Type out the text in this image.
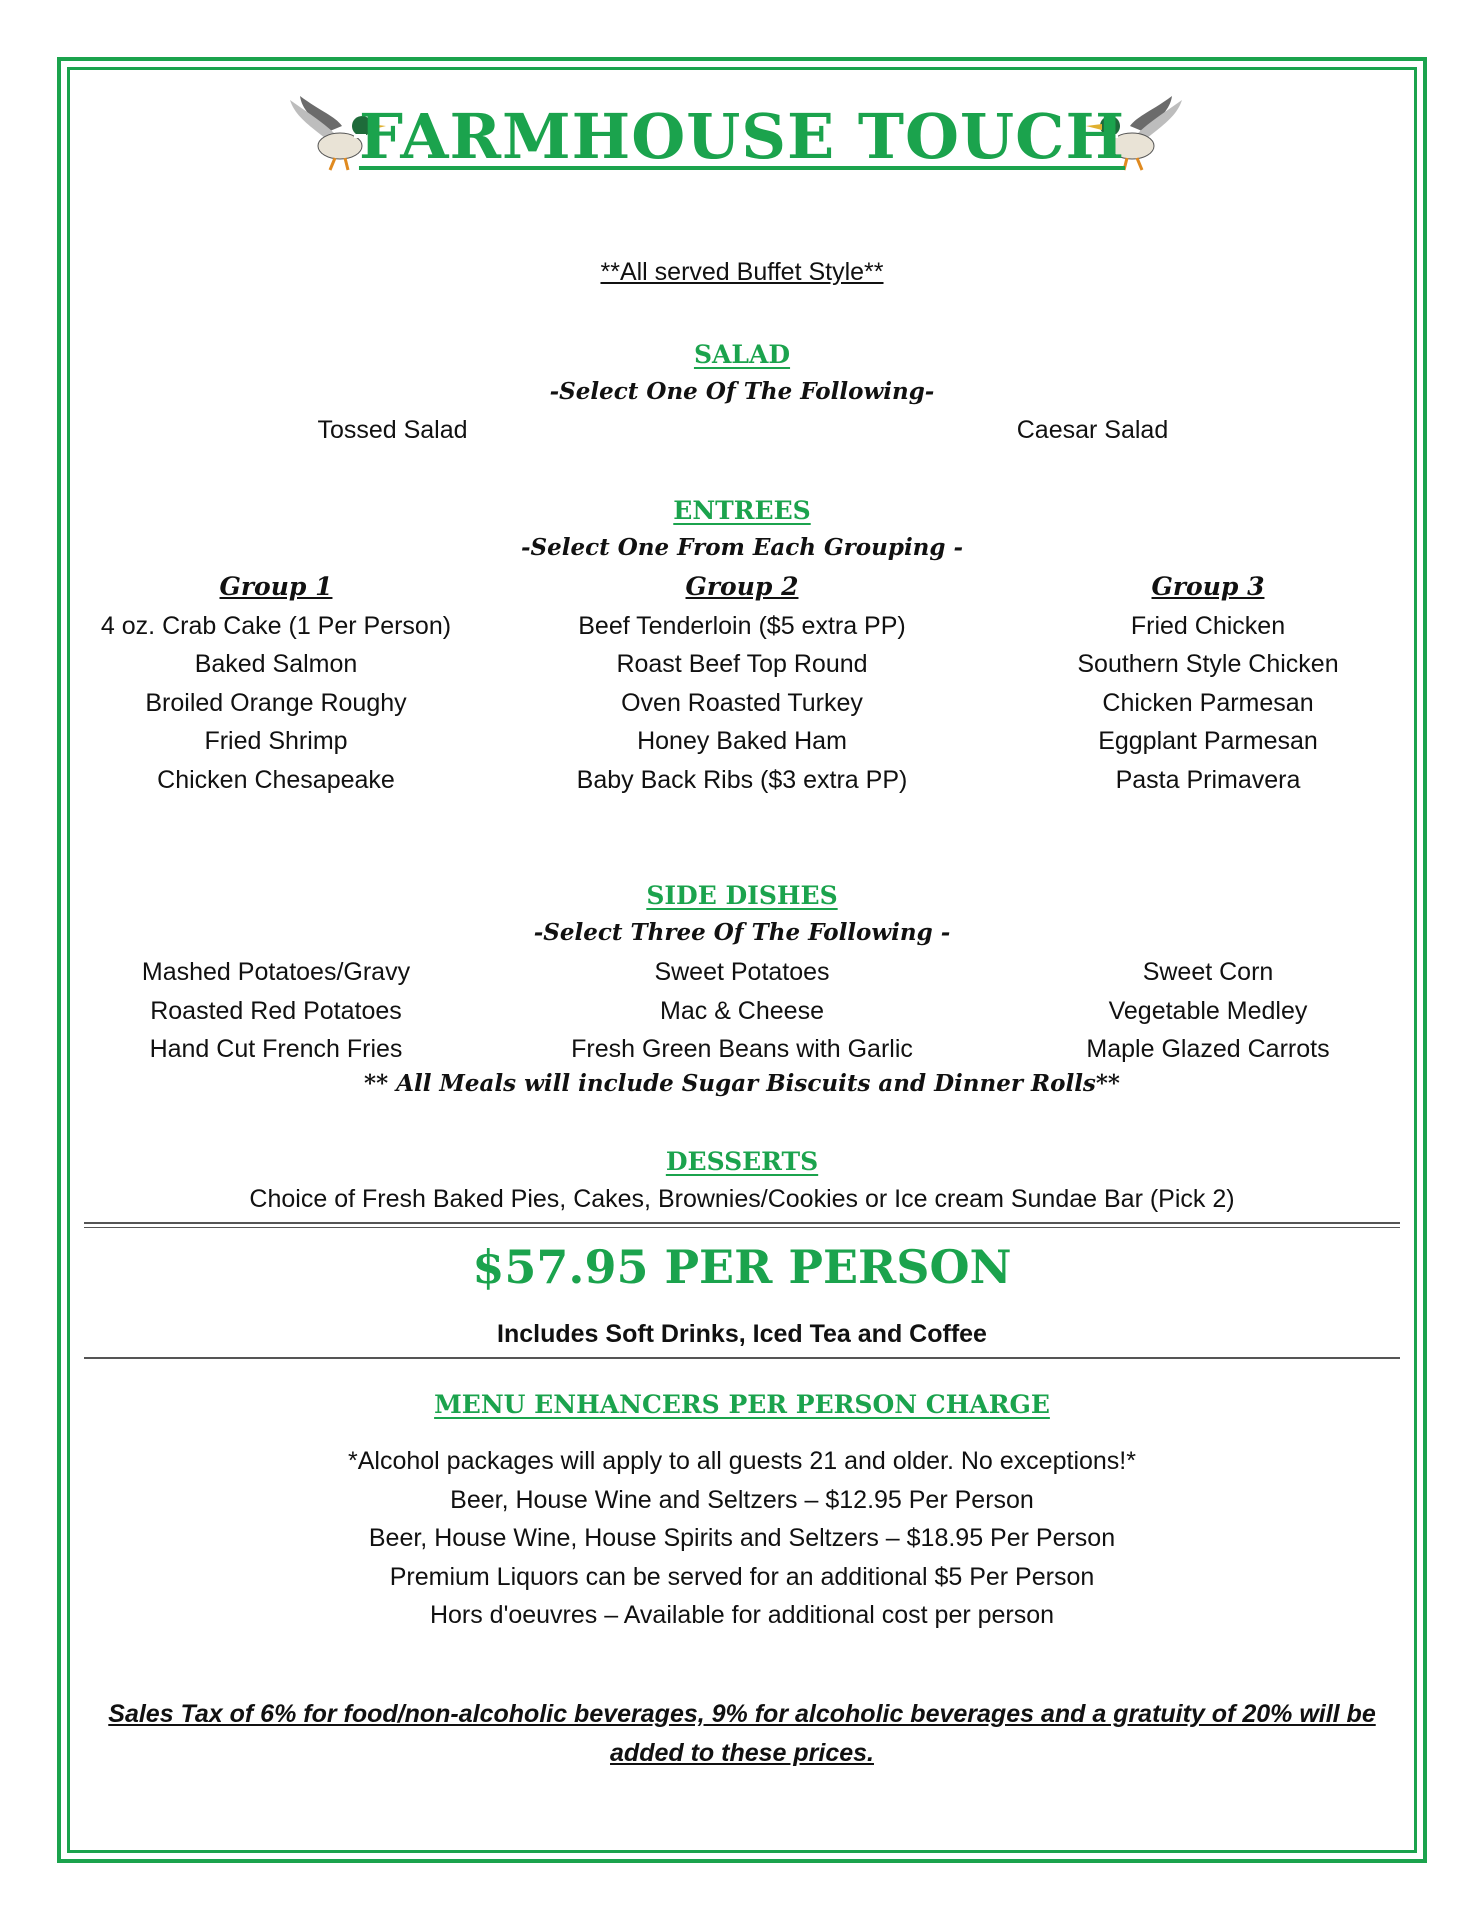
FARMHOUSE TOUCH
**All served Buffet Style**
SALAD
-Select One Of The Following-
Tossed Salad	Caesar Salad
ENTREES
-Select One From Each Grouping -
Group 1
4 oz. Crab Cake (1 Per Person)
Baked Salmon
Broiled Orange Roughy
Fried Shrimp
Chicken Chesapeake
Group 2
Beef Tenderloin ($5 extra PP)
Roast Beef Top Round
Oven Roasted Turkey
Honey Baked Ham
Baby Back Ribs ($3 extra PP)
Group 3
Fried Chicken
Southern Style Chicken
Chicken Parmesan
Eggplant Parmesan
Pasta Primavera
SIDE DISHES
-Select Three Of The Following -
Mashed Potatoes/Gravy
Roasted Red Potatoes
Hand Cut French Fries
Sweet Potatoes
Mac & Cheese
Fresh Green Beans with Garlic
Sweet Corn
Vegetable Medley
Maple Glazed Carrots
** All Meals will include Sugar Biscuits and Dinner Rolls**
DESSERTS
Choice of Fresh Baked Pies, Cakes, Brownies/Cookies or Ice cream Sundae Bar (Pick 2)
$57.95 PER PERSON
Includes Soft Drinks, Iced Tea and Coffee
MENU ENHANCERS PER PERSON CHARGE
*Alcohol packages will apply to all guests 21 and older. No exceptions!*
Beer, House Wine and Seltzers – $12.95 Per Person
Beer, House Wine, House Spirits and Seltzers – $18.95 Per Person
Premium Liquors can be served for an additional $5 Per Person
Hors d'oeuvres – Available for additional cost per person
Sales Tax of 6% for food/non-alcoholic beverages, 9% for alcoholic beverages and a gratuity of 20% will be
added to these prices.
